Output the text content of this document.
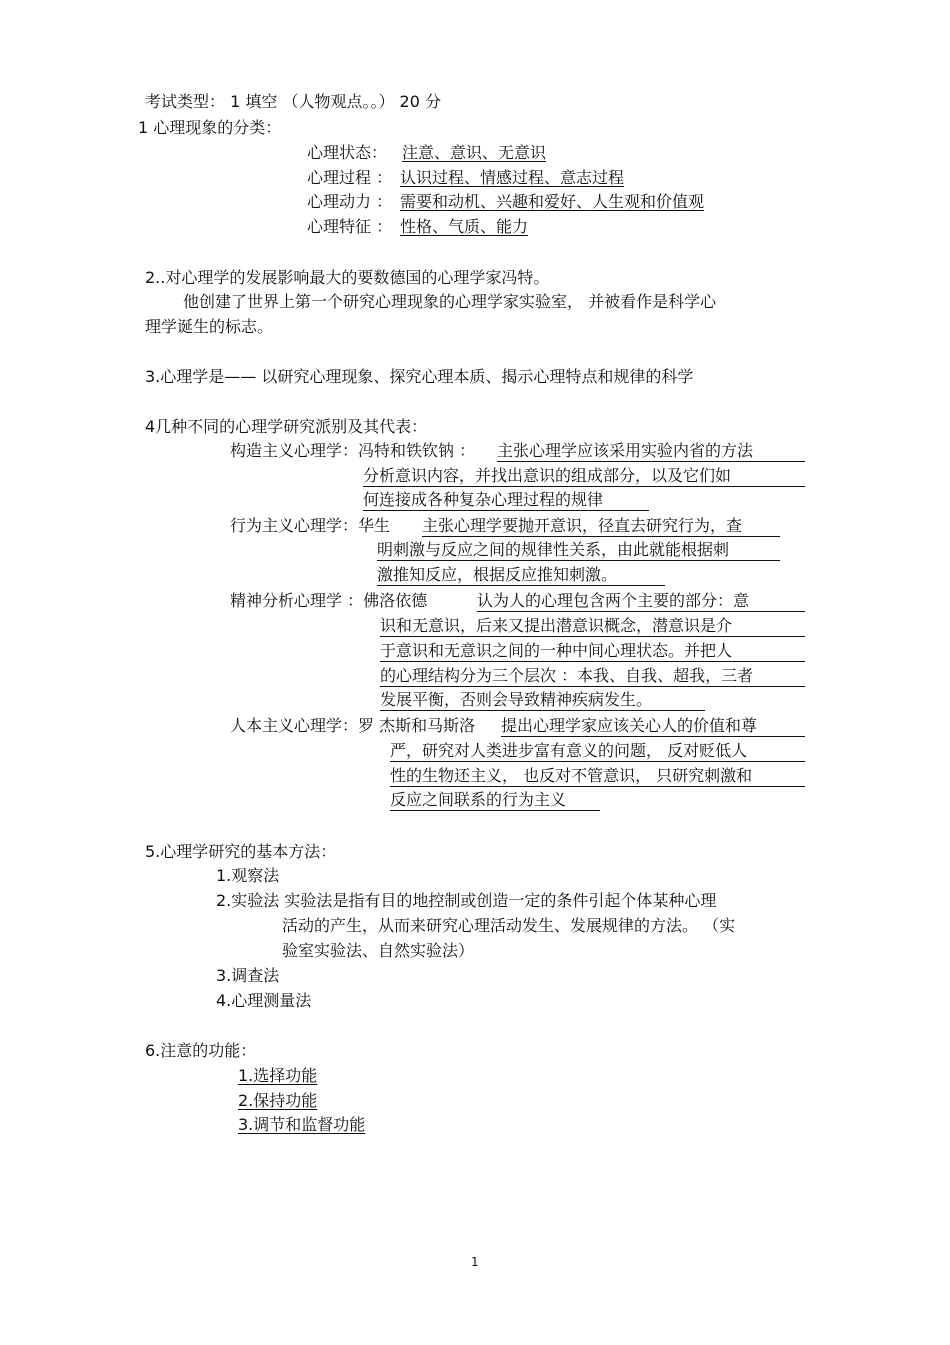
考试类型： 1 填空 （人物观点。。） 20 分
1 心理现象的分类：
心理状态： 注意、意识、无意识
心理过程 ： 认识过程、情感过程、意志过程
心理动力 ： 需要和动机、兴趣和爱好、人生观和价值观
心理特征 ： 性格、气质、能力
2..对心理学的发展影响最大的要数德国的心理学家冯特。
他创建了世界上第一个研究心理现象的心理学家实验室， 并被看作是科学心
理学诞生的标志。
3.心理学是—— 以研究心理现象、探究心理本质、揭示心理特点和规律的科学
4几种不同的心理学研究派别及其代表：
构造主义心理学：冯特和铁钦钠 ： 主张心理学应该采用实验内省的方法
分析意识内容，并找出意识的组成部分，以及它们如
何连接成各种复杂心理过程的规律
行为主义心理学：华生 主张心理学要抛开意识，径直去研究行为，查
明刺激与反应之间的规律性关系，由此就能根据刺
激推知反应，根据反应推知刺激。
精神分析心理学 ：佛洛依德	认为人的心理包含两个主要的部分：意
识和无意识，后来又提出潜意识概念，潜意识是介
于意识和无意识之间的一种中间心理状态。并把人
的心理结构分为三个层次 ：本我、自我、超我，三者
发展平衡，否则会导致精神疾病发生。
人本主义心理学：罗 杰斯和马斯洛 提出心理学家应该关心人的价值和尊
严，研究对人类进步富有意义的问题， 反对贬低人
性的生物还主义， 也反对不管意识， 只研究刺激和
反应之间联系的行为主义
5.心理学研究的基本方法：
1.观察法
2.实验法 实验法是指有目的地控制或创造一定的条件引起个体某种心理
活动的产生，从而来研究心理活动发生、发展规律的方法。 （实
验室实验法、自然实验法）
3.调查法
4.心理测量法
6.注意的功能：
1.选择功能
2.保持功能
3.调节和监督功能
1
